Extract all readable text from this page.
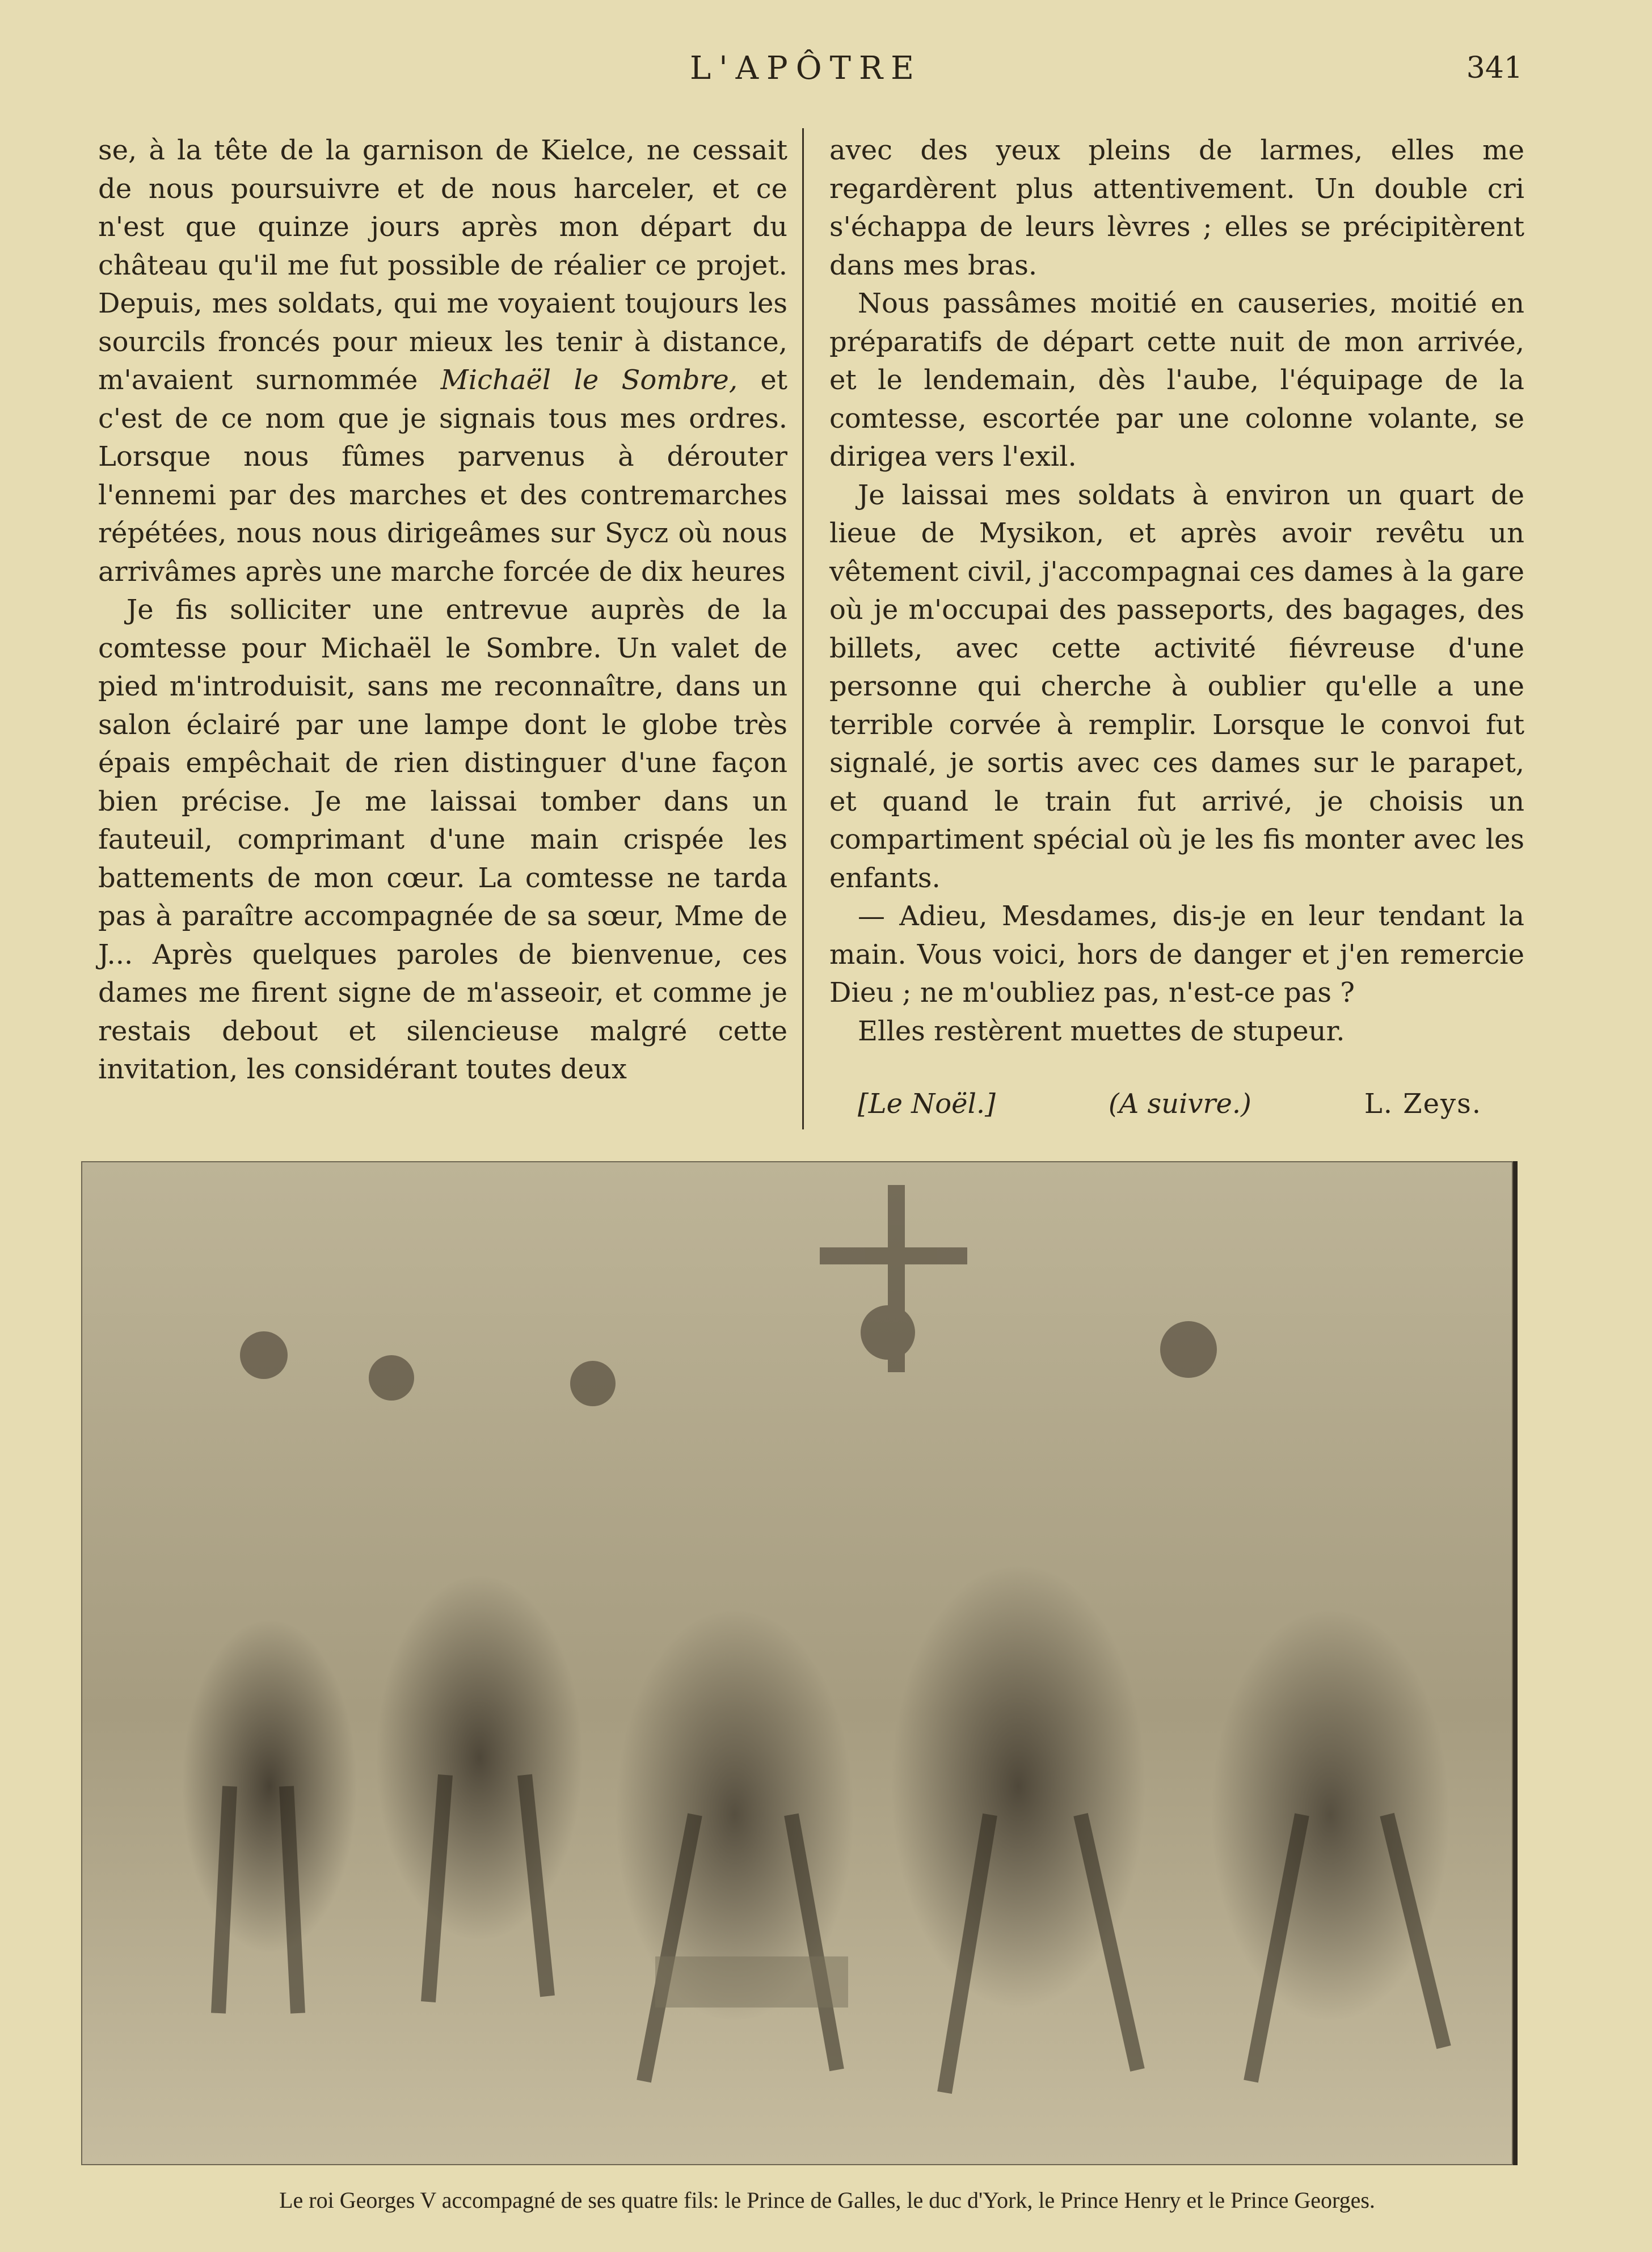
L'APÔTRE	341

se, à la tête de la garnison de Kielce, ne cessait de nous poursuivre et de nous harceler, et ce n'est que quinze jours après mon départ du château qu'il me fut possible de réalier ce projet. Depuis, mes soldats, qui me voyaient toujours les sourcils froncés pour mieux les tenir à distance, m'avaient surnommée Michaël le Sombre, et c'est de ce nom que je signais tous mes ordres. Lorsque nous fûmes parvenus à dérouter l'ennemi par des marches et des contremarches répétées, nous nous dirigeâmes sur Sycz où nous arrivâmes après une marche forcée de dix heures

Je fis solliciter une entrevue auprès de la comtesse pour Michaël le Sombre. Un valet de pied m'introduisit, sans me reconnaître, dans un salon éclairé par une lampe dont le globe très épais empêchait de rien distinguer d'une façon bien précise. Je me laissai tomber dans un fauteuil, comprimant d'une main crispée les battements de mon cœur. La comtesse ne tarda pas à paraître accompagnée de sa sœur, Mme de J... Après quelques paroles de bienvenue, ces dames me firent signe de m'asseoir, et comme je restais debout et silencieuse malgré cette invitation, les considérant toutes deux

avec des yeux pleins de larmes, elles me regardèrent plus attentivement. Un double cri s'échappa de leurs lèvres ; elles se précipitèrent dans mes bras.

Nous passâmes moitié en causeries, moitié en préparatifs de départ cette nuit de mon arrivée, et le lendemain, dès l'aube, l'équipage de la comtesse, escortée par une colonne volante, se dirigea vers l'exil.

Je laissai mes soldats à environ un quart de lieue de Mysikon, et après avoir revêtu un vêtement civil, j'accompagnai ces dames à la gare où je m'occupai des passeports, des bagages, des billets, avec cette activité fiévreuse d'une personne qui cherche à oublier qu'elle a une terrible corvée à remplir. Lorsque le convoi fut signalé, je sortis avec ces dames sur le parapet, et quand le train fut arrivé, je choisis un compartiment spécial où je les fis monter avec les enfants.

— Adieu, Mesdames, dis-je en leur tendant la main. Vous voici, hors de danger et j'en remercie Dieu ; ne m'oubliez pas, n'est-ce pas ?

Elles restèrent muettes de stupeur.

[Le Noël.]	(A suivre.)	L. Zeys.
Le roi Georges V accompagné de ses quatre fils: le Prince de Galles, le duc d'York, le Prince Henry et le Prince Georges.
